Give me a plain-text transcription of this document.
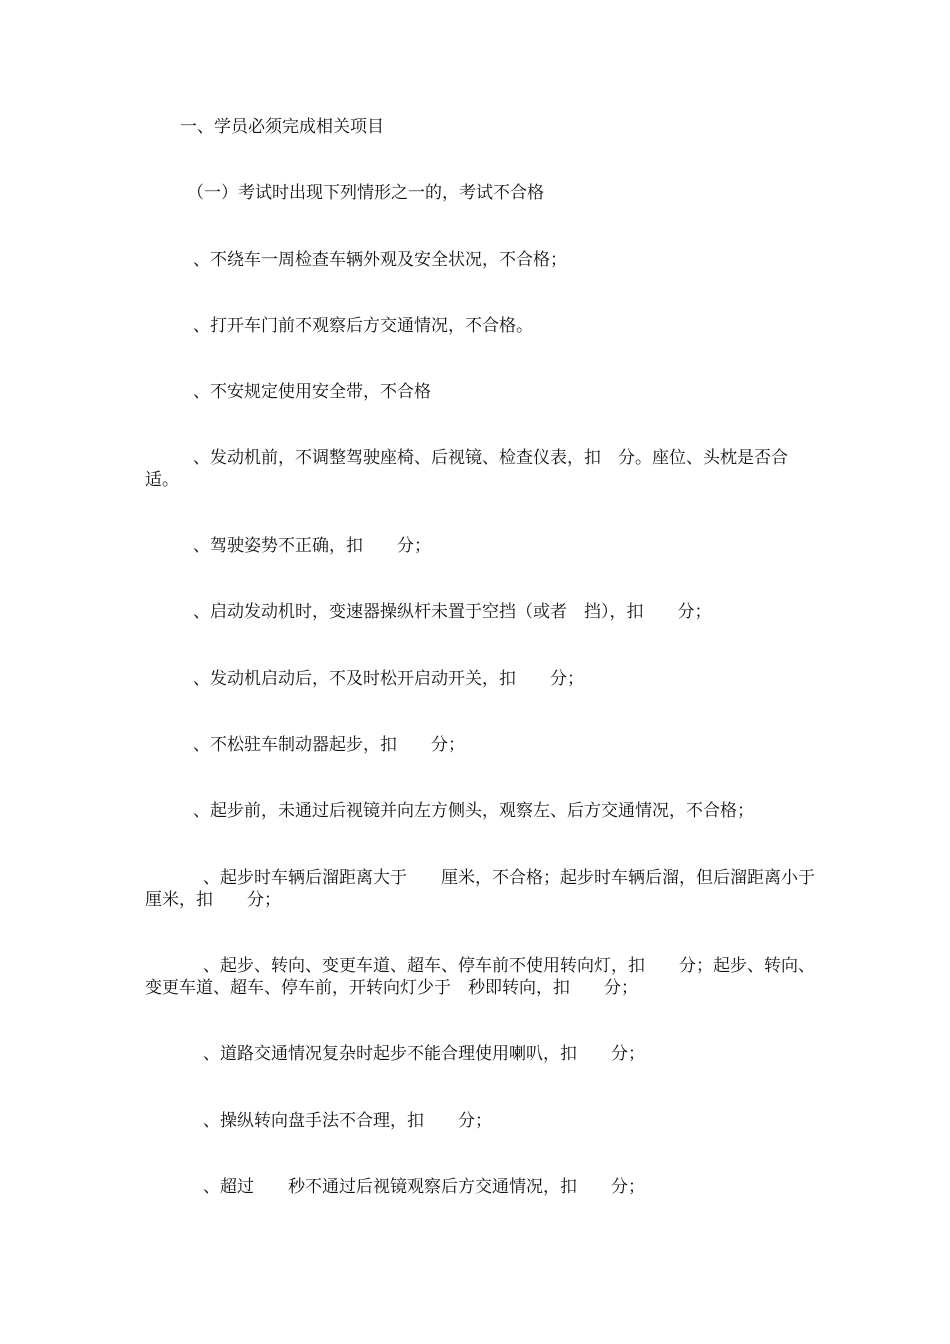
一、学员必须完成相关项目

（一）考试时出现下列情形之一的，考试不合格

、不绕车一周检查车辆外观及安全状况，不合格；

、打开车门前不观察后方交通情况，不合格。

、不安规定使用安全带，不合格

、发动机前，不调整驾驶座椅、后视镜、检查仪表，扣　分。座位、头枕是否合适。

、驾驶姿势不正确，扣　　分；

、启动发动机时，变速器操纵杆未置于空挡（或者　挡），扣　　分；

、发动机启动后，不及时松开启动开关，扣　　分；

、不松驻车制动器起步，扣　　分；

、起步前，未通过后视镜并向左方侧头，观察左、后方交通情况，不合格；

、起步时车辆后溜距离大于　　厘米，不合格；起步时车辆后溜，但后溜距离小于　　厘米，扣　　分；

、起步、转向、变更车道、超车、停车前不使用转向灯，扣　　分；起步、转向、变更车道、超车、停车前，开转向灯少于　秒即转向，扣　　分；

、道路交通情况复杂时起步不能合理使用喇叭，扣　　分；

、操纵转向盘手法不合理，扣　　分；

、超过　　秒不通过后视镜观察后方交通情况，扣　　分；
